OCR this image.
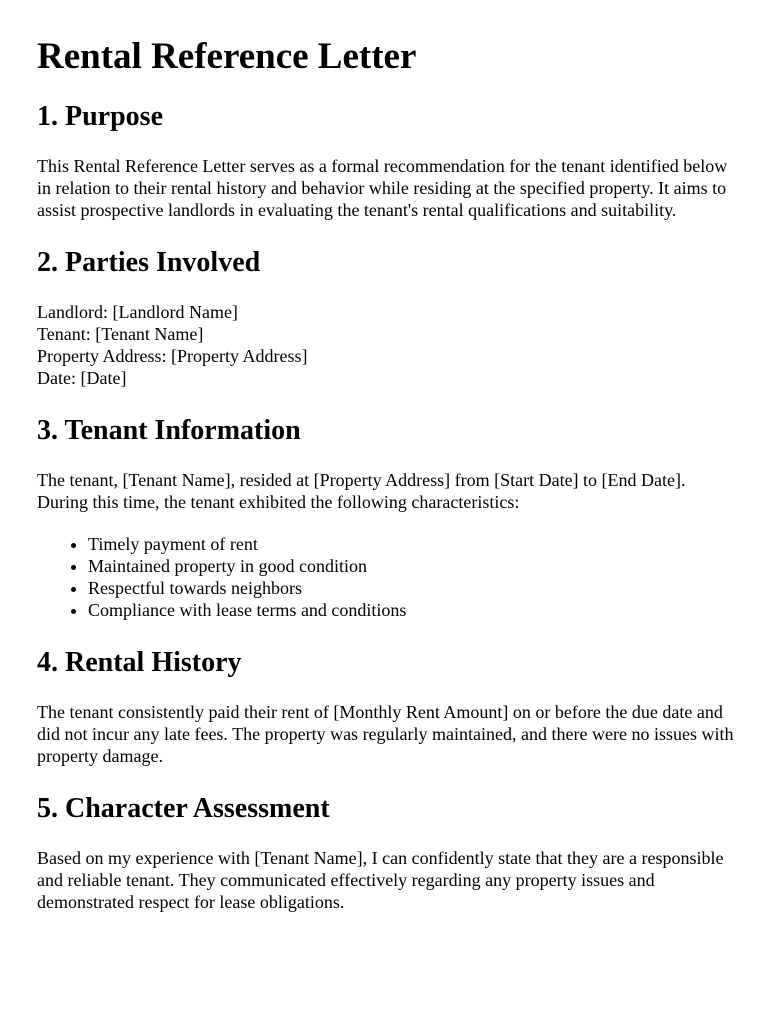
Rental Reference Letter
1. Purpose

This Rental Reference Letter serves as a formal recommendation for the tenant identified below in relation to their rental history and behavior while residing at the specified property. It aims to assist prospective landlords in evaluating the tenant's rental qualifications and suitability.

2. Parties Involved

Landlord: [Landlord Name]
Tenant: [Tenant Name]
Property Address: [Property Address]
Date: [Date]

3. Tenant Information

The tenant, [Tenant Name], resided at [Property Address] from [Start Date] to [End Date]. During this time, the tenant exhibited the following characteristics:

• Timely payment of rent
• Maintained property in good condition
• Respectful towards neighbors
• Compliance with lease terms and conditions
4. Rental History

The tenant consistently paid their rent of [Monthly Rent Amount] on or before the due date and did not incur any late fees. The property was regularly maintained, and there were no issues with property damage.

5. Character Assessment

Based on my experience with [Tenant Name], I can confidently state that they are a responsible and reliable tenant. They communicated effectively regarding any property issues and demonstrated respect for lease obligations.
